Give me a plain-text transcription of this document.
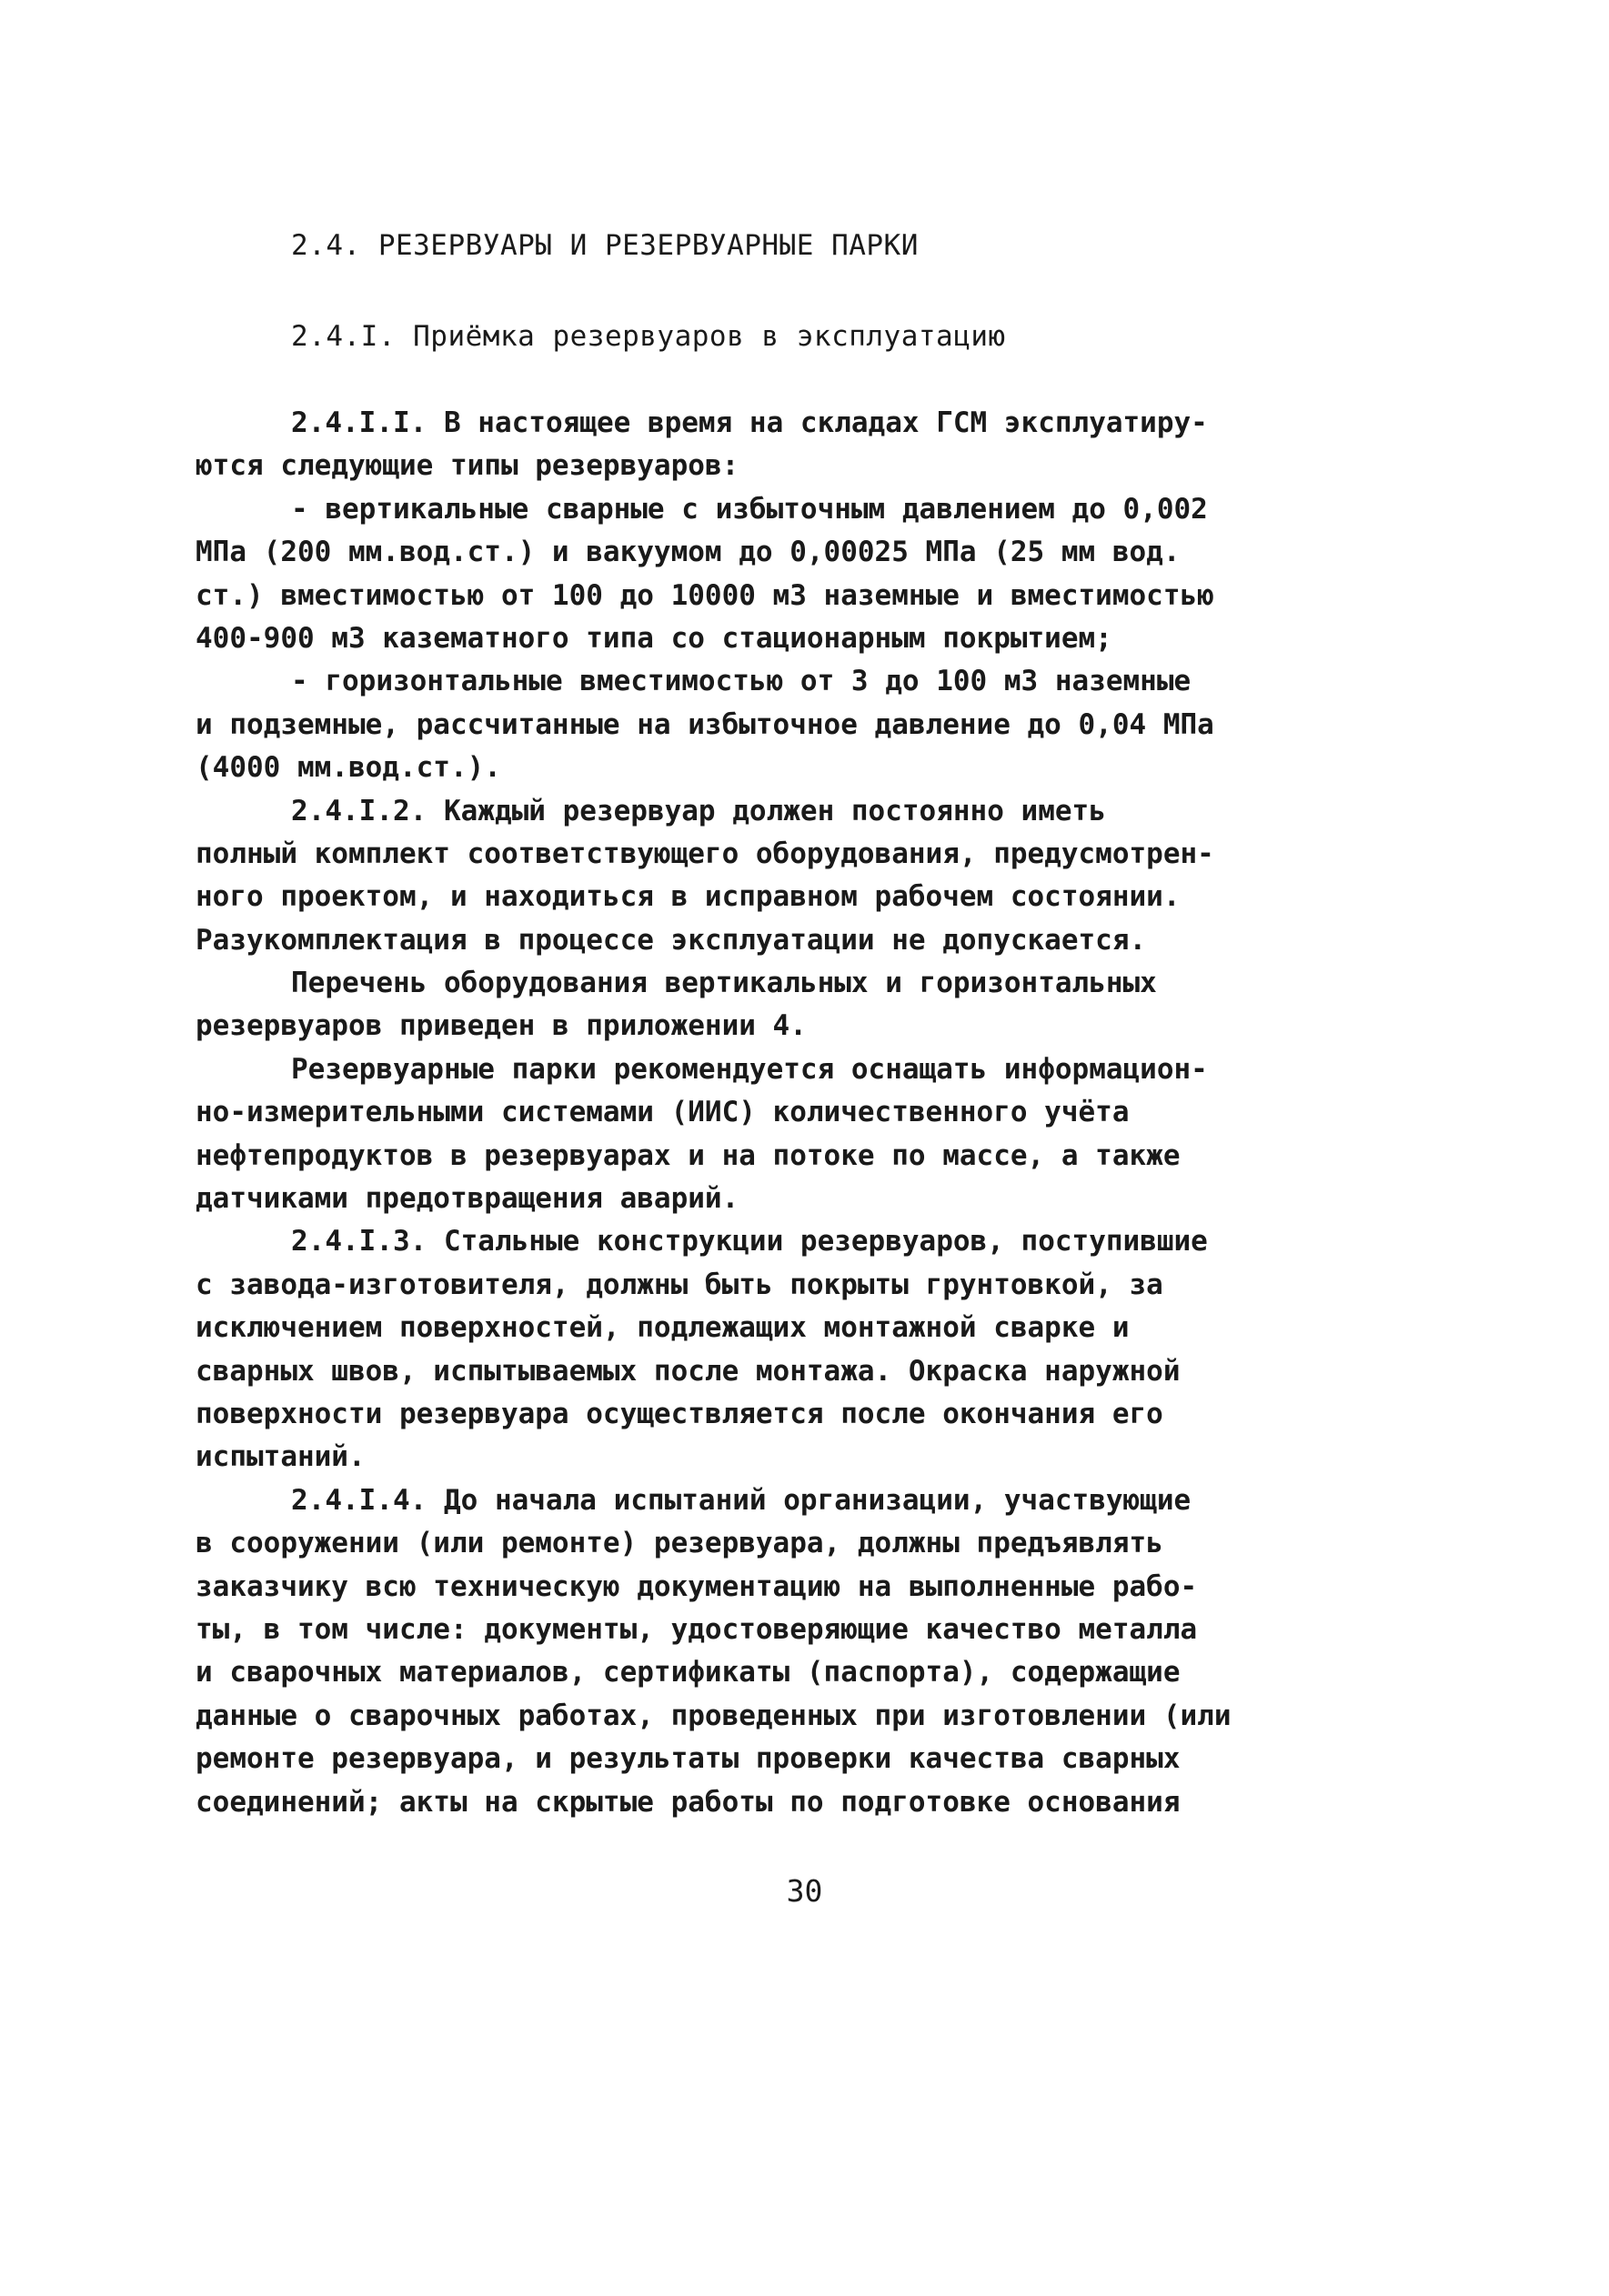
2.4. РЕЗЕРВУАРЫ И РЕЗЕРВУАРНЫЕ ПАРКИ
2.4.I. Приёмка резервуаров в эксплуатацию
2.4.I.I. В настоящее время на складах ГСМ эксплуатиру-
ются следующие типы резервуаров:
- вертикальные сварные с избыточным давлением до 0,002
МПа (200 мм.вод.ст.) и вакуумом до 0,00025 МПа (25 мм вод.
ст.) вместимостью от 100 до 10000 м3 наземные и вместимостью
400-900 м3 казематного типа со стационарным покрытием;
- горизонтальные вместимостью от 3 до 100 м3 наземные
и подземные, рассчитанные на избыточное давление до 0,04 МПа
(4000 мм.вод.ст.).
2.4.I.2. Каждый резервуар должен постоянно иметь
полный комплект соответствующего оборудования, предусмотрен-
ного проектом, и находиться в исправном рабочем состоянии.
Разукомплектация в процессе эксплуатации не допускается.
Перечень оборудования вертикальных и горизонтальных
резервуаров приведен в приложении 4.
Резервуарные парки рекомендуется оснащать информацион-
но-измерительными системами (ИИС) количественного учёта
нефтепродуктов в резервуарах и на потоке по массе, а также
датчиками предотвращения аварий.
2.4.I.3. Стальные конструкции резервуаров, поступившие
с завода-изготовителя, должны быть покрыты грунтовкой, за
исключением поверхностей, подлежащих монтажной сварке и
сварных швов, испытываемых после монтажа. Окраска наружной
поверхности резервуара осуществляется после окончания его
испытаний.
2.4.I.4. До начала испытаний организации, участвующие
в сооружении (или ремонте) резервуара, должны предъявлять
заказчику всю техническую документацию на выполненные рабо-
ты, в том числе: документы, удостоверяющие качество металла
и сварочных материалов, сертификаты (паспорта), содержащие
данные о сварочных работах, проведенных при изготовлении (или
ремонте резервуара, и результаты проверки качества сварных
соединений; акты на скрытые работы по подготовке основания
30
